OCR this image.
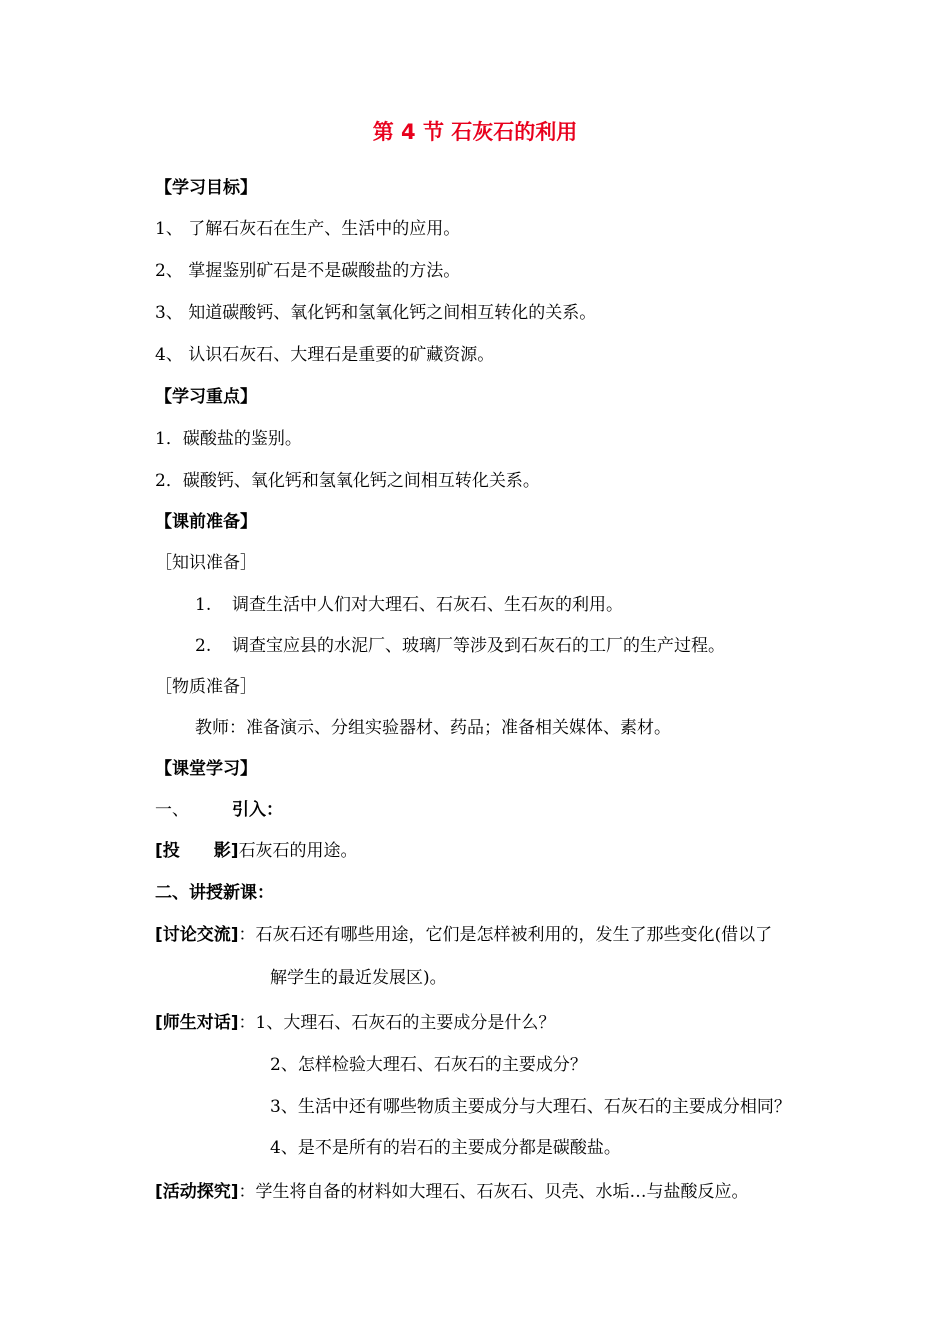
第 4 节 石灰石的利用
【学习目标】
1、 了解石灰石在生产、生活中的应用。
2、 掌握鉴别矿石是不是碳酸盐的方法。
3、 知道碳酸钙、氧化钙和氢氧化钙之间相互转化的关系。
4、 认识石灰石、大理石是重要的矿藏资源。
【学习重点】
1．碳酸盐的鉴别。
2．碳酸钙、氧化钙和氢氧化钙之间相互转化关系。
【课前准备】
［知识准备］
1. 调查生活中人们对大理石、石灰石、生石灰的利用。
2. 调查宝应县的水泥厂、玻璃厂等涉及到石灰石的工厂的生产过程。
［物质准备］
教师：准备演示、分组实验器材、药品；准备相关媒体、素材。
【课堂学习】
一、	引入：
[投 影]石灰石的用途。
二、讲授新课：
[讨论交流]：石灰石还有哪些用途，它们是怎样被利用的，发生了那些变化(借以了
解学生的最近发展区)。
[师生对话]：1、大理石、石灰石的主要成分是什么？
2、怎样检验大理石、石灰石的主要成分？
3、生活中还有哪些物质主要成分与大理石、石灰石的主要成分相同？
4、是不是所有的岩石的主要成分都是碳酸盐。
[活动探究]：学生将自备的材料如大理石、石灰石、贝壳、水垢…与盐酸反应。
